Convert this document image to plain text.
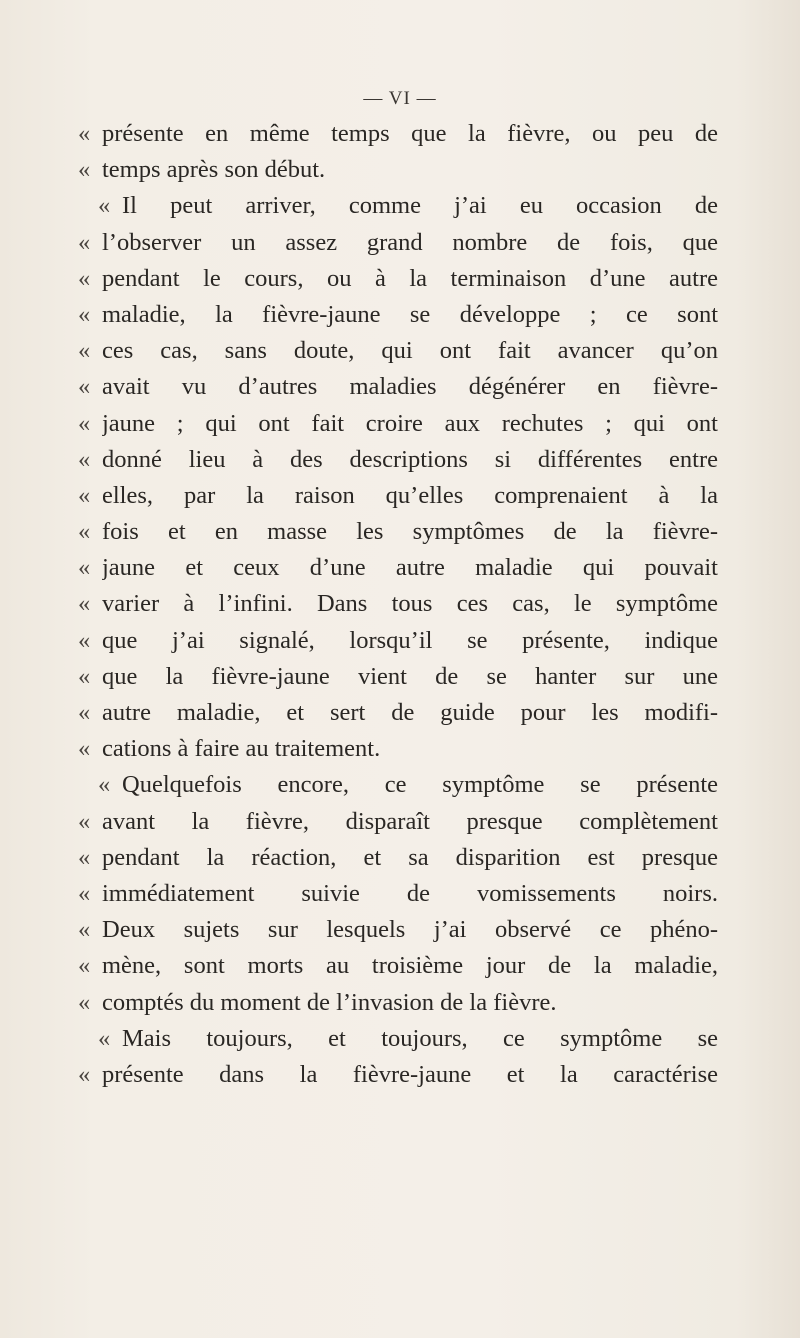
— VI —
« présente en même temps que la fièvre, ou peu de
« temps après son début.
« Il peut arriver, comme j’ai eu occasion de
« l’observer un assez grand nombre de fois, que
« pendant le cours, ou à la terminaison d’une autre
« maladie, la fièvre-jaune se développe ; ce sont
« ces cas, sans doute, qui ont fait avancer qu’on
« avait vu d’autres maladies dégénérer en fièvre-
« jaune ; qui ont fait croire aux rechutes ; qui ont
« donné lieu à des descriptions si différentes entre
« elles, par la raison qu’elles comprenaient à la
« fois et en masse les symptômes de la fièvre-
« jaune et ceux d’une autre maladie qui pouvait
« varier à l’infini. Dans tous ces cas, le symptôme
« que j’ai signalé, lorsqu’il se présente, indique
« que la fièvre-jaune vient de se hanter sur une
« autre maladie, et sert de guide pour les modifi-
« cations à faire au traitement.
« Quelquefois encore, ce symptôme se présente
« avant la fièvre, disparaît presque complètement
« pendant la réaction, et sa disparition est presque
« immédiatement suivie de vomissements noirs.
« Deux sujets sur lesquels j’ai observé ce phéno-
« mène, sont morts au troisième jour de la maladie,
« comptés du moment de l’invasion de la fièvre.
« Mais toujours, et toujours, ce symptôme se
« présente dans la fièvre-jaune et la caractérise
